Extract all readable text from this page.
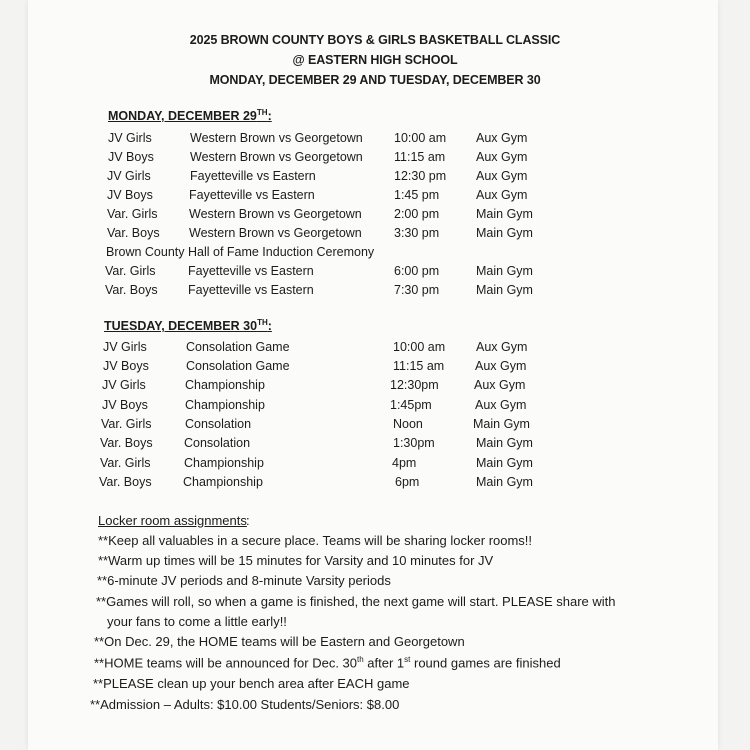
2025 BROWN COUNTY BOYS & GIRLS BASKETBALL CLASSIC
@ EASTERN HIGH SCHOOL
MONDAY, DECEMBER 29 AND TUESDAY, DECEMBER 30
MONDAY, DECEMBER 29TH:
JV Girls	Western Brown vs Georgetown 10:00 am Aux Gym
JV Boys	Western Brown vs Georgetown 11:15 am Aux Gym
JV Girls	Fayetteville vs Eastern	12:30 pm Aux Gym
JV Boys	Fayetteville vs Eastern	1:45 pm	Aux Gym
Var. Girls	Western Brown vs Georgetown	2:00 pm	Main Gym
Var. Boys Western Brown vs Georgetown	3:30 pm	Main Gym
Brown County Hall of Fame Induction Ceremony
Var. Girls	Fayetteville vs Eastern	6:00 pm	Main Gym
Var. Boys Fayetteville vs Eastern	7:30 pm	Main Gym
TUESDAY, DECEMBER 30TH:
JV Girls	Consolation Game	10:00 am Aux Gym
JV Boys	Consolation Game	11:15 am Aux Gym
JV Girls	Championship	12:30pm	Aux Gym
JV Boys	Championship	1:45pm	Aux Gym
Var. Girls	Consolation	Noon	Main Gym
Var. Boys	Consolation	1:30pm	Main Gym
Var. Girls	Championship	4pm	Main Gym
Var. Boys	Championship	6pm	Main Gym
Locker room assignments :
**Keep all valuables in a secure place. Teams will be sharing locker rooms!!
**Warm up times will be 15 minutes for Varsity and 10 minutes for JV
**6-minute JV periods and 8-minute Varsity periods
**Games will roll, so when a game is finished, the next game will start. PLEASE share with
your fans to come a little early!!
**On Dec. 29, the HOME teams will be Eastern and Georgetown
**HOME teams will be announced for Dec. 30th after 1st round games are finished
**PLEASE clean up your bench area after EACH game
**Admission – Adults: $10.00 Students/Seniors: $8.00
